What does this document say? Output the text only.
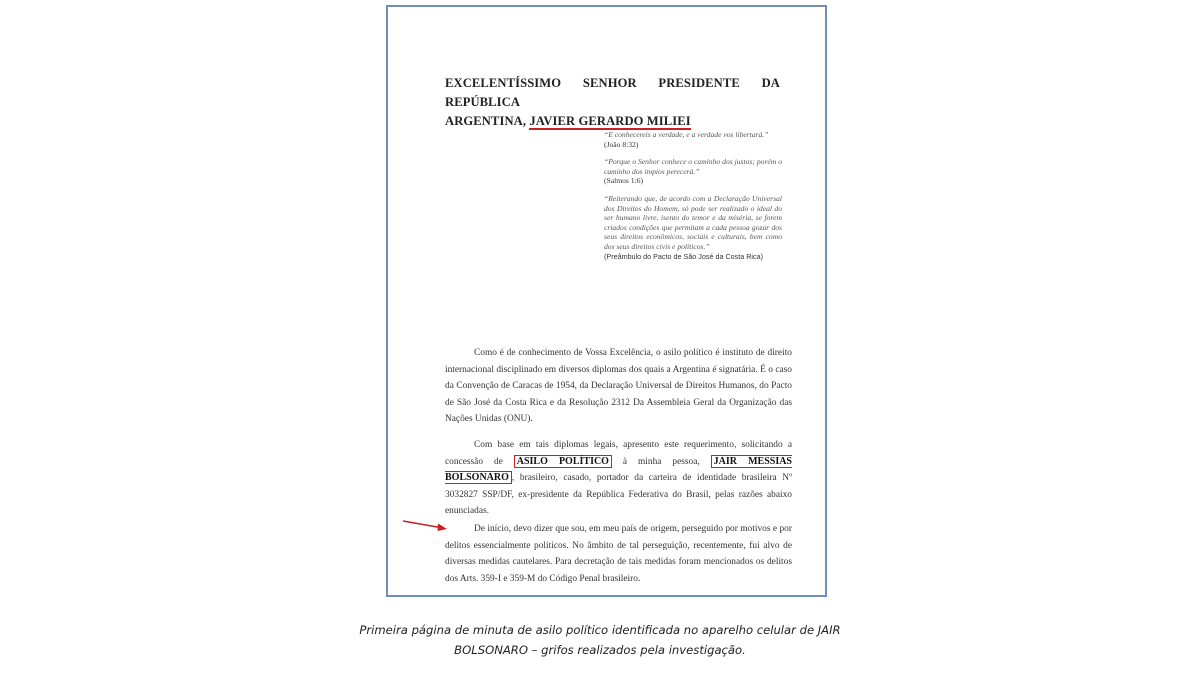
EXCELENTÍSSIMO SENHOR PRESIDENTE DA REPÚBLICA
ARGENTINA, JAVIER GERARDO MILIEI
“E conhecereis a verdade, e a verdade vos libertará.”
(João 8:32)
“Porque o Senhor conhece o caminho dos justos; porém o caminho dos ímpios perecerá.”
(Salmos 1:6)
“Reiterando que, de acordo com a Declaração Universal dos Direitos do Homem, só pode ser realizado o ideal do ser humano livre, isento do temor e da miséria, se forem criados condições que permitam a cada pessoa gozar dos seus direitos econômicos, sociais e culturais, bem como dos seus direitos civis e políticos.”
(Preâmbulo do Pacto de São José da Costa Rica)

Como é de conhecimento de Vossa Excelência, o asilo político é instituto de direito internacional disciplinado em diversos diplomas dos quais a Argentina é signatária. É o caso da Convenção de Caracas de 1954, da Declaração Universal de Direitos Humanos, do Pacto de São José da Costa Rica e da Resolução 2312 Da Assembleia Geral da Organização das Nações Unidas (ONU).

Com base em tais diplomas legais, apresento este requerimento, solicitando a concessão de ASILO POLÍTICO à minha pessoa, JAIR MESSIAS BOLSONARO , brasileiro, casado, portador da carteira de identidade brasileira Nº 3032827 SSP/DF, ex-presidente da República Federativa do Brasil, pelas razões abaixo enunciadas.

De início, devo dizer que sou, em meu país de origem, perseguido por motivos e por delitos essencialmente políticos. No âmbito de tal perseguição, recentemente, fui alvo de diversas medidas cautelares. Para decretação de tais medidas foram mencionados os delitos dos Arts. 359-I e 359-M do Código Penal brasileiro.

Primeira página de minuta de asilo político identificada no aparelho celular de JAIR
BOLSONARO – grifos realizados pela investigação.
